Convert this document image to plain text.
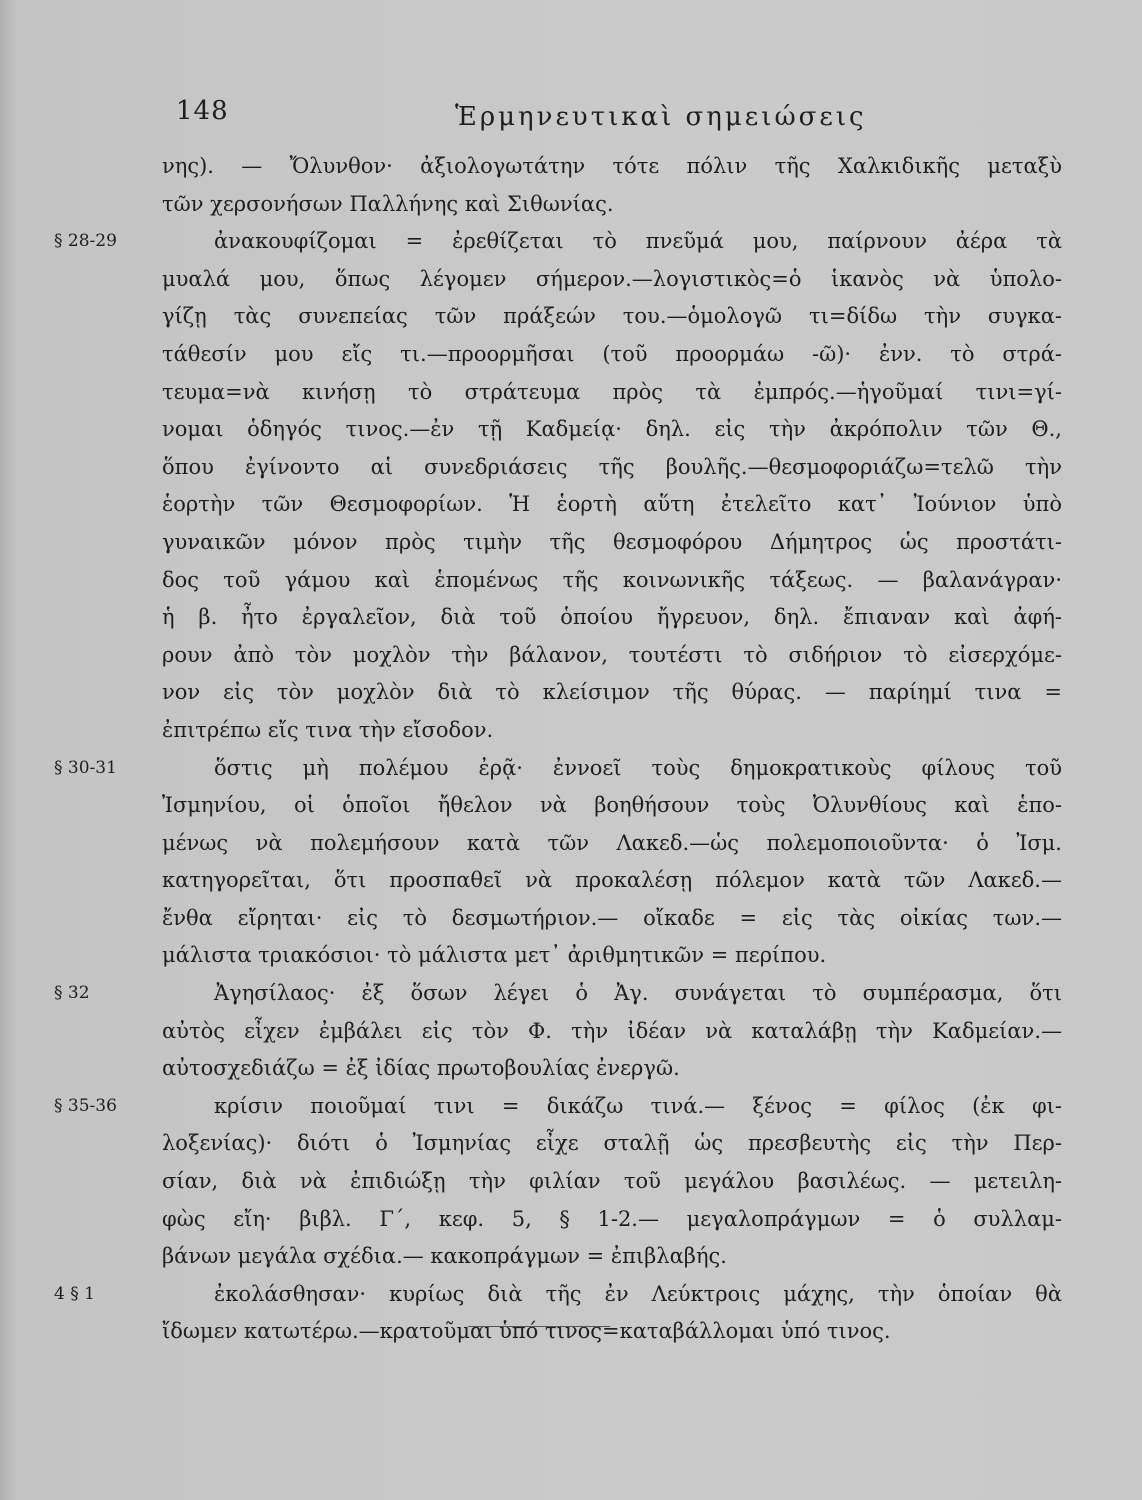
148	Ἑρμηνευτικαὶ σημειώσεις
νης). — Ὄλυνθον· ἀξιολογωτάτην τότε πόλιν τῆς Χαλκιδικῆς μεταξὺ
τῶν χερσονήσων Παλλήνης καὶ Σιθωνίας.
§ 28-29	ἀνακουφίζομαι = ἐρεθίζεται τὸ πνεῦμά μου, παίρνουν ἀέρα τὰ
μυαλά μου, ὅπως λέγομεν σήμερον.—λογιστικὸς=ὁ ἱκανὸς νὰ ὑπολο-
γίζῃ τὰς συνεπείας τῶν πράξεών του.—ὁμολογῶ τι=δίδω τὴν συγκα-
τάθεσίν μου εἴς τι.—προορμῆσαι (τοῦ προορμάω -ῶ)· ἐνν. τὸ στρά-
τευμα=νὰ κινήσῃ τὸ στράτευμα πρὸς τὰ ἐμπρός.—ἡγοῦμαί τινι=γί-
νομαι ὁδηγός τινος.—ἐν τῇ Καδμείᾳ· δηλ. εἰς τὴν ἀκρόπολιν τῶν Θ.,
ὅπου ἐγίνοντο αἱ συνεδριάσεις τῆς βουλῆς.—θεσμοφοριάζω=τελῶ τὴν
ἑορτὴν τῶν Θεσμοφορίων. Ἡ ἑορτὴ αὕτη ἐτελεῖτο κατ᾽ Ἰούνιον ὑπὸ
γυναικῶν μόνον πρὸς τιμὴν τῆς θεσμοφόρου Δήμητρος ὡς προστάτι-
δος τοῦ γάμου καὶ ἑπομένως τῆς κοινωνικῆς τάξεως. — βαλανάγραν·
ἡ β. ἦτο ἐργαλεῖον, διὰ τοῦ ὁποίου ἤγρευον, δηλ. ἔπιαναν καὶ ἀφή-
ρουν ἀπὸ τὸν μοχλὸν τὴν βάλανον, τουτέστι τὸ σιδήριον τὸ εἰσερχόμε-
νον εἰς τὸν μοχλὸν διὰ τὸ κλείσιμον τῆς θύρας. — παρίημί τινα =
ἐπιτρέπω εἴς τινα τὴν εἴσοδον.
§ 30-31	ὅστις μὴ πολέμου ἐρᾷ· ἐννοεῖ τοὺς δημοκρατικοὺς φίλους τοῦ
Ἰσμηνίου, οἱ ὁποῖοι ἤθελον νὰ βοηθήσουν τοὺς Ὀλυνθίους καὶ ἑπο-
μένως νὰ πολεμήσουν κατὰ τῶν Λακεδ.—ὡς πολεμοποιοῦντα· ὁ Ἰσμ.
κατηγορεῖται, ὅτι προσπαθεῖ νὰ προκαλέσῃ πόλεμον κατὰ τῶν Λακεδ.—
ἔνθα εἴρηται· εἰς τὸ δεσμωτήριον.— οἴκαδε = εἰς τὰς οἰκίας των.—
μάλιστα τριακόσιοι· τὸ μάλιστα μετ᾽ ἀριθμητικῶν = περίπου.
§ 32	Ἀγησίλαος· ἐξ ὅσων λέγει ὁ Ἀγ. συνάγεται τὸ συμπέρασμα, ὅτι
αὐτὸς εἶχεν ἐμβάλει εἰς τὸν Φ. τὴν ἰδέαν νὰ καταλάβῃ τὴν Καδμείαν.—
αὐτοσχεδιάζω = ἐξ ἰδίας πρωτοβουλίας ἐνεργῶ.
§ 35-36	κρίσιν ποιοῦμαί τινι = δικάζω τινά.— ξένος = φίλος (ἐκ φι-
λοξενίας)· διότι ὁ Ἰσμηνίας εἶχε σταλῇ ὡς πρεσβευτὴς εἰς τὴν Περ-
σίαν, διὰ νὰ ἐπιδιώξῃ τὴν φιλίαν τοῦ μεγάλου βασιλέως. — μετειλη-
φὼς εἴη· βιβλ. Γ´, κεφ. 5, § 1-2.— μεγαλοπράγμων = ὁ συλλαμ-
βάνων μεγάλα σχέδια.— κακοπράγμων = ἐπιβλαβής.
4 § 1	ἐκολάσθησαν· κυρίως διὰ τῆς ἐν Λεύκτροις μάχης, τὴν ὁποίαν θὰ
ἴδωμεν κατωτέρω.—κρατοῦμαι ὑπό τινος=καταβάλλομαι ὑπό τινος.
